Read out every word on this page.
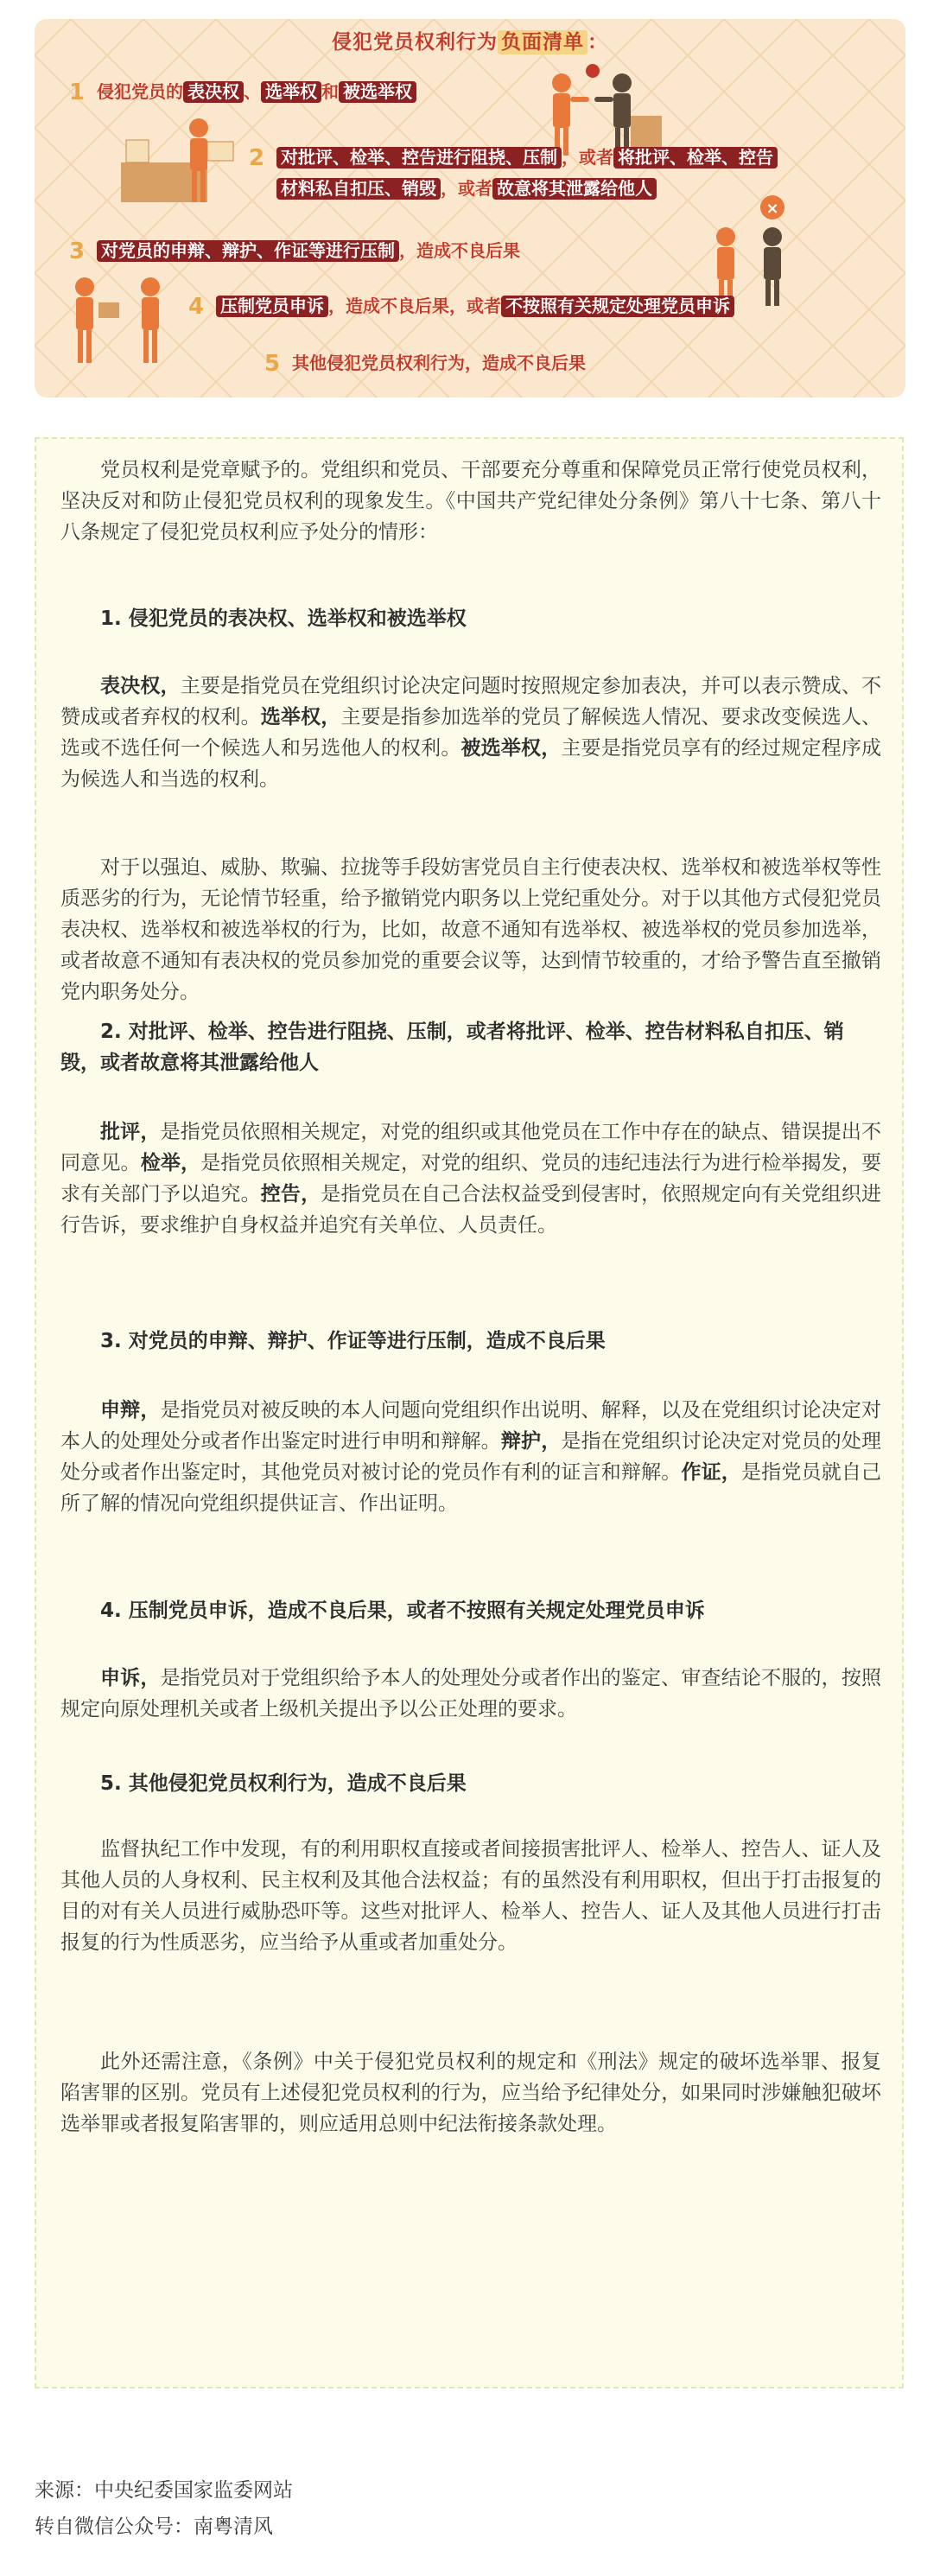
侵犯党员权利行为 负面清单 ：
1 侵犯党员的 表决权 、 选举权 和 被选举权
2 对批评、检举、控告进行阻挠、压制 ，或者 将批评、检举、控告
材料私自扣压、销毁 ，或者 故意将其泄露给他人
×
3 对党员的申辩、辩护、作证等进行压制 ，造成不良后果
4 压制党员申诉 ，造成不良后果，或者 不按照有关规定处理党员申诉
5 其他侵犯党员权利行为，造成不良后果

党员权利是党章赋予的。党组织和党员、干部要充分尊重和保障党员正常行使党员权利，坚决反对和防止侵犯党员权利的现象发生。《中国共产党纪律处分条例》第八十七条、第八十八条规定了侵犯党员权利应予处分的情形：

1. 侵犯党员的表决权、选举权和被选举权

表决权，主要是指党员在党组织讨论决定问题时按照规定参加表决，并可以表示赞成、不赞成或者弃权的权利。选举权，主要是指参加选举的党员了解候选人情况、要求改变候选人、选或不选任何一个候选人和另选他人的权利。被选举权，主要是指党员享有的经过规定程序成为候选人和当选的权利。

对于以强迫、威胁、欺骗、拉拢等手段妨害党员自主行使表决权、选举权和被选举权等性质恶劣的行为，无论情节轻重，给予撤销党内职务以上党纪重处分。对于以其他方式侵犯党员表决权、选举权和被选举权的行为，比如，故意不通知有选举权、被选举权的党员参加选举，或者故意不通知有表决权的党员参加党的重要会议等，达到情节较重的，才给予警告直至撤销党内职务处分。

2. 对批评、检举、控告进行阻挠、压制，或者将批评、检举、控告材料私自扣压、销毁，或者故意将其泄露给他人

批评，是指党员依照相关规定，对党的组织或其他党员在工作中存在的缺点、错误提出不同意见。检举，是指党员依照相关规定，对党的组织、党员的违纪违法行为进行检举揭发，要求有关部门予以追究。控告，是指党员在自己合法权益受到侵害时，依照规定向有关党组织进行告诉，要求维护自身权益并追究有关单位、人员责任。

3. 对党员的申辩、辩护、作证等进行压制，造成不良后果

申辩，是指党员对被反映的本人问题向党组织作出说明、解释，以及在党组织讨论决定对本人的处理处分或者作出鉴定时进行申明和辩解。辩护，是指在党组织讨论决定对党员的处理处分或者作出鉴定时，其他党员对被讨论的党员作有利的证言和辩解。作证，是指党员就自己所了解的情况向党组织提供证言、作出证明。

4. 压制党员申诉，造成不良后果，或者不按照有关规定处理党员申诉

申诉，是指党员对于党组织给予本人的处理处分或者作出的鉴定、审查结论不服的，按照规定向原处理机关或者上级机关提出予以公正处理的要求。

5. 其他侵犯党员权利行为，造成不良后果

监督执纪工作中发现，有的利用职权直接或者间接损害批评人、检举人、控告人、证人及其他人员的人身权利、民主权利及其他合法权益；有的虽然没有利用职权，但出于打击报复的目的对有关人员进行威胁恐吓等。这些对批评人、检举人、控告人、证人及其他人员进行打击报复的行为性质恶劣，应当给予从重或者加重处分。

此外还需注意，《条例》中关于侵犯党员权利的规定和《刑法》规定的破坏选举罪、报复陷害罪的区别。党员有上述侵犯党员权利的行为，应当给予纪律处分，如果同时涉嫌触犯破坏选举罪或者报复陷害罪的，则应适用总则中纪法衔接条款处理。

来源：中央纪委国家监委网站
转自微信公众号：南粤清风
